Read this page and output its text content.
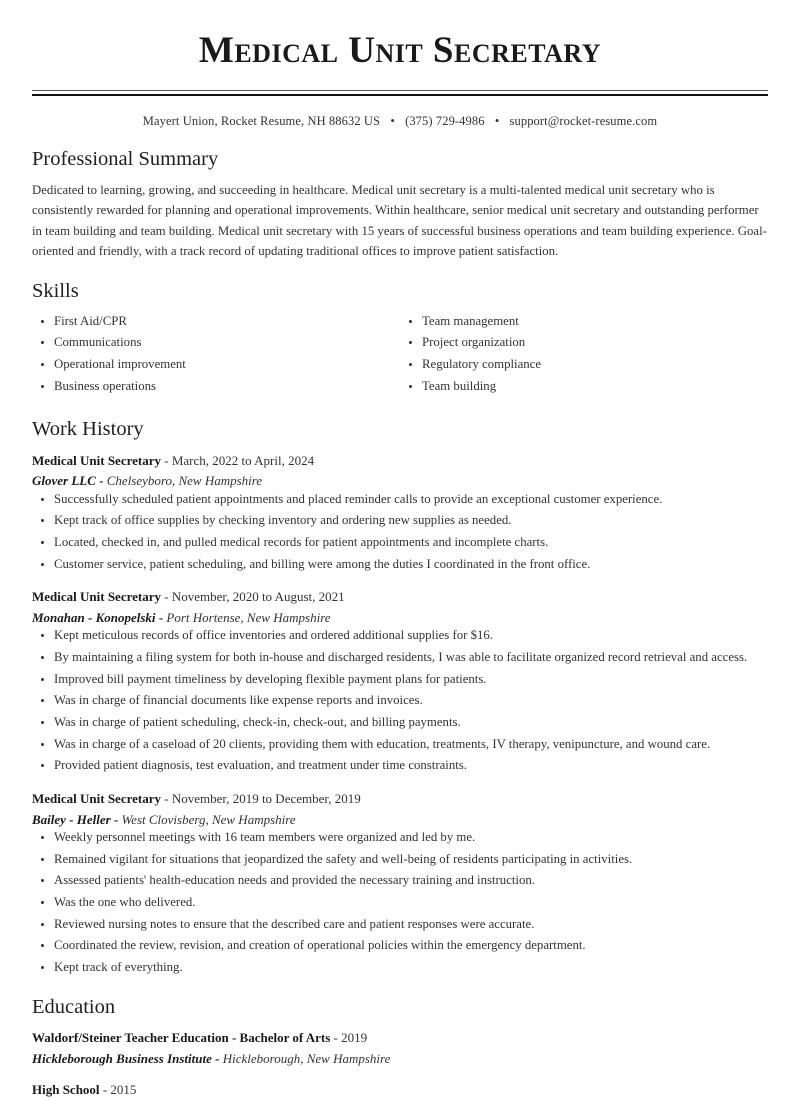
Medical Unit Secretary
Mayert Union, Rocket Resume, NH 88632 US • (375) 729-4986 • support@rocket-resume.com
Professional Summary

Dedicated to learning, growing, and succeeding in healthcare. Medical unit secretary is a multi-talented medical unit secretary who is consistently rewarded for planning and operational improvements. Within healthcare, senior medical unit secretary and outstanding performer in team building and team building. Medical unit secretary with 15 years of successful business operations and team building experience. Goal-oriented and friendly, with a track record of updating traditional offices to improve patient satisfaction.

Skills
First Aid/CPR
Communications
Operational improvement
Business operations
Team management
Project organization
Regulatory compliance
Team building
Work History
Medical Unit Secretary - March, 2022 to April, 2024
Glover LLC - Chelseyboro, New Hampshire
Successfully scheduled patient appointments and placed reminder calls to provide an exceptional customer experience.
Kept track of office supplies by checking inventory and ordering new supplies as needed.
Located, checked in, and pulled medical records for patient appointments and incomplete charts.
Customer service, patient scheduling, and billing were among the duties I coordinated in the front office.
Medical Unit Secretary - November, 2020 to August, 2021
Monahan - Konopelski - Port Hortense, New Hampshire
Kept meticulous records of office inventories and ordered additional supplies for $16.
By maintaining a filing system for both in-house and discharged residents, I was able to facilitate organized record retrieval and access.
Improved bill payment timeliness by developing flexible payment plans for patients.
Was in charge of financial documents like expense reports and invoices.
Was in charge of patient scheduling, check-in, check-out, and billing payments.
Was in charge of a caseload of 20 clients, providing them with education, treatments, IV therapy, venipuncture, and wound care.
Provided patient diagnosis, test evaluation, and treatment under time constraints.
Medical Unit Secretary - November, 2019 to December, 2019
Bailey - Heller - West Clovisberg, New Hampshire
Weekly personnel meetings with 16 team members were organized and led by me.
Remained vigilant for situations that jeopardized the safety and well-being of residents participating in activities.
Assessed patients' health-education needs and provided the necessary training and instruction.
Was the one who delivered.
Reviewed nursing notes to ensure that the described care and patient responses were accurate.
Coordinated the review, revision, and creation of operational policies within the emergency department.
Kept track of everything.
Education
Waldorf/Steiner Teacher Education - Bachelor of Arts - 2019
Hickleborough Business Institute - Hickleborough, New Hampshire
High School - 2015
